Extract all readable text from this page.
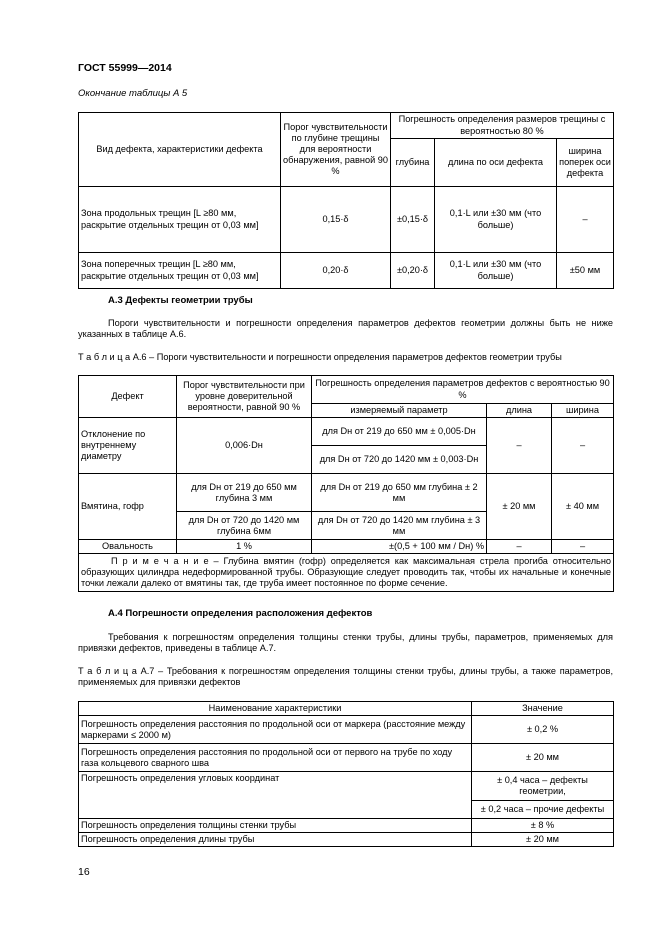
ГОСТ 55999—2014
Окончание таблицы А 5
Вид дефекта, характеристики дефекта	Порог чувствительности по глубине трещины для вероятности обнаружения, равной 90 %	Погрешность определения размеров трещины с вероятностью 80 %		
		глубина	длина по оси дефекта	ширина поперек оси дефекта
Зона продольных трещин [L ≥80 мм, раскрытие отдельных трещин от 0,03 мм]	0,15·δ	±0,15·δ	0,1·L или ±30 мм (что больше)	–
Зона поперечных трещин [L ≥80 мм, раскрытие отдельных трещин от 0,03 мм]	0,20·δ	±0,20·δ	0,1·L или ±30 мм (что больше)	±50 мм
А.3 Дефекты геометрии трубы
Пороги чувствительности и погрешности определения параметров дефектов геометрии должны быть не ниже указанных в таблице А.6.
Т а б л и ц а А.6 – Пороги чувствительности и погрешности определения параметров дефектов геометрии трубы
Дефект	Порог чувствительности при уровне доверительной вероятности, равной 90 %	Погрешность определения параметров дефектов с вероятностью 90 %		
		измеряемый параметр	длина	ширина
Отклонение по внутреннему диаметру	0,006·Dн	для Dн от 219 до 650 мм ± 0,005·Dн	–	–
		для Dн от 720 до 1420 мм ± 0,003·Dн		
Вмятина, гофр	для Dн от 219 до 650 мм глубина 3 мм	для Dн от 219 до 650 мм глубина ± 2 мм	± 20 мм	± 40 мм
	для Dн от 720 до 1420 мм глубина 6мм	для Dн от 720 до 1420 мм глубина ± 3 мм		
Овальность	1 %	±(0,5 + 100 мм / Dн) %	–	–
П р и м е ч а н и е – Глубина вмятин (гофр) определяется как максимальная стрела прогиба относительно образующих цилиндра недеформированной трубы. Образующие следует проводить так, чтобы их начальные и конечные точки лежали далеко от вмятины так, где труба имеет постоянное по форме сечение.				
А.4 Погрешности определения расположения дефектов
Требования к погрешностям определения толщины стенки трубы, длины трубы, параметров, применяемых для привязки дефектов, приведены в таблице А.7.
Т а б л и ц а А.7 – Требования к погрешностям определения толщины стенки трубы, длины трубы, а также параметров, применяемых для привязки дефектов
Наименование характеристики	Значение
Погрешность определения расстояния по продольной оси от маркера (расстояние между маркерами ≤ 2000 м)	± 0,2 %
Погрешность определения расстояния по продольной оси от первого на трубе по ходу газа кольцевого сварного шва	± 20 мм
Погрешность определения угловых координат	± 0,4 часа – дефекты геометрии,
± 0,2 часа – прочие дефекты

Погрешность определения толщины стенки трубы	± 8 %
Погрешность определения длины трубы	± 20 мм
16
